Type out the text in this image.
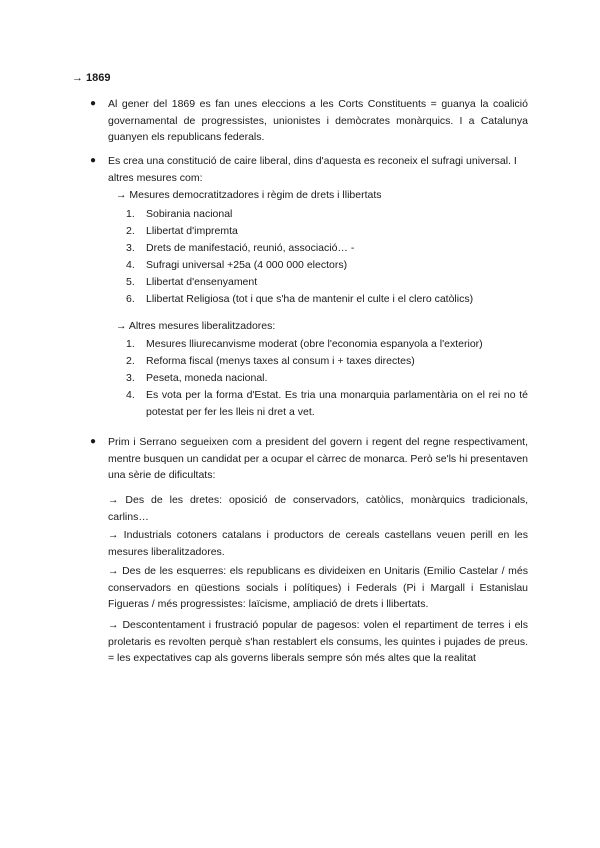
→ 1869
● Al gener del 1869 es fan unes eleccions a les Corts Constituents = guanya la coalició governamental de progressistes, unionistes i demòcrates monàrquics. I a Catalunya guanyen els republicans federals.
● Es crea una constitució de caire liberal, dins d'aquesta es reconeix el sufragi universal. I altres mesures com:
→ Mesures democratitzadores i règim de drets i llibertats
1. Sobirania nacional
2. Llibertat d'impremta
3. Drets de manifestació, reunió, associació… -
4. Sufragi universal +25a (4 000 000 electors)
5. Llibertat d'ensenyament
6. Llibertat Religiosa (tot i que s'ha de mantenir el culte i el clero catòlics)
→ Altres mesures liberalitzadores:
1. Mesures lliurecanvisme moderat (obre l'economia espanyola a l'exterior)
2. Reforma fiscal (menys taxes al consum i + taxes directes)
3. Peseta, moneda nacional.
4. Es vota per la forma d'Estat. Es tria una monarquia parlamentària on el rei no té potestat per fer les lleis ni dret a vet.
● Prim i Serrano segueixen com a president del govern i regent del regne respectivament, mentre busquen un candidat per a ocupar el càrrec de monarca. Però se'ls hi presentaven una sèrie de dificultats:
→ Des de les dretes: oposició de conservadors, catòlics, monàrquics tradicionals, carlins…
→ Industrials cotoners catalans i productors de cereals castellans veuen perill en les mesures liberalitzadores.
→ Des de les esquerres: els republicans es divideixen en Unitaris (Emilio Castelar / més conservadors en qüestions socials i polítiques) i Federals (Pi i Margall i Estanislau Figueras / més progressistes: laïcisme, ampliació de drets i llibertats.
→ Descontentament i frustració popular de pagesos: volen el repartiment de terres i els proletaris es revolten perquè s'han restablert els consums, les quintes i pujades de preus. = les expectatives cap als governs liberals sempre són més altes que la realitat
